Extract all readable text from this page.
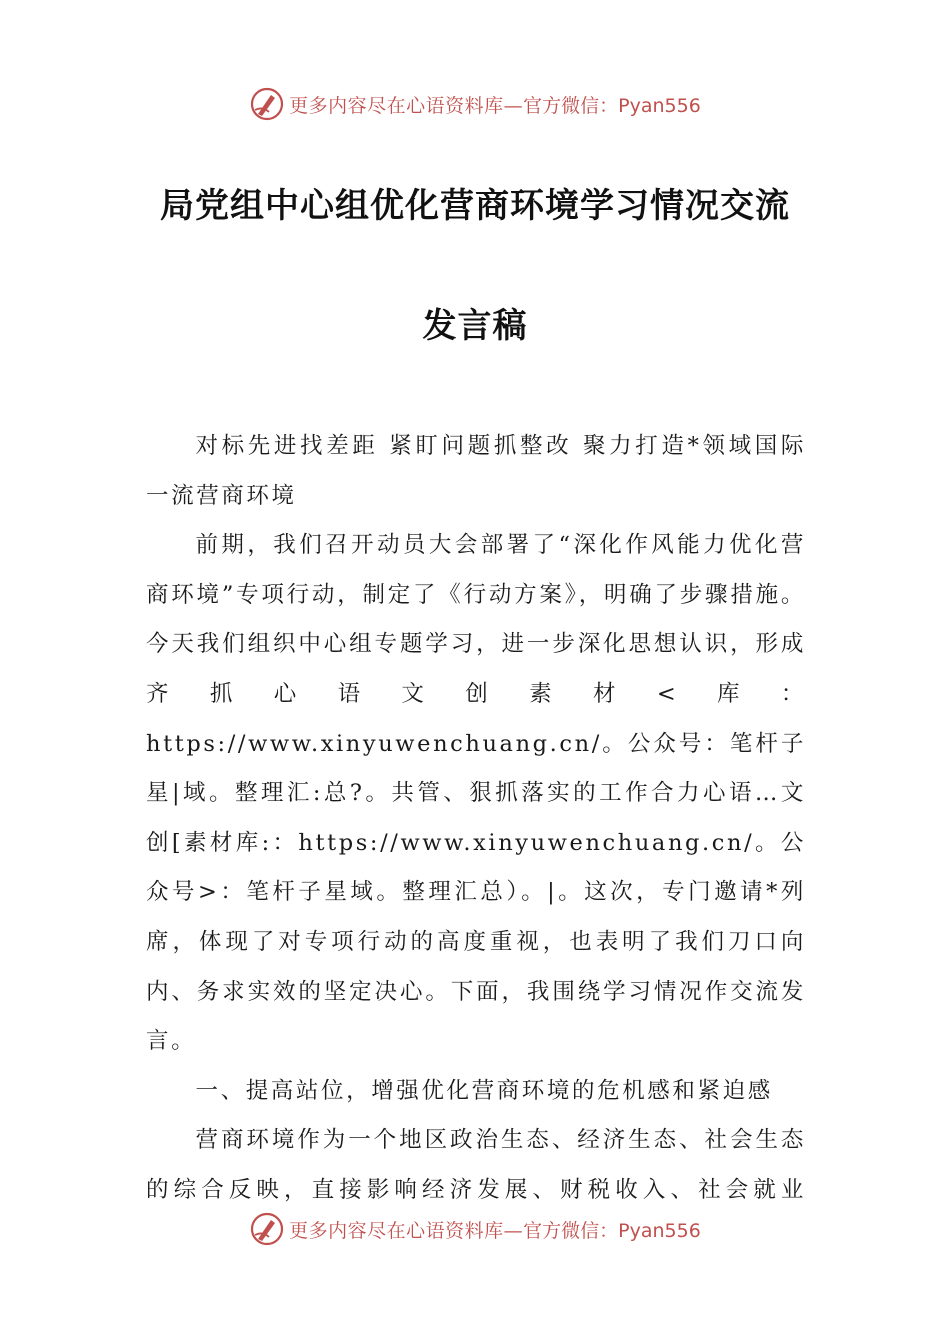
更多内容尽在心语资料库— 官方微信：Pyan556
局党组中心组优化营商环境学习情况交流
发言稿

对标先进找差距 紧盯问题抓整改 聚力打造*领域国际一流营商环境

前期，我们召开动员大会部署了“深化作风能力优化营商环境”专项行动，制定了《行动方案》，明确了步骤措施。今天我们组织中心组专题学习，进一步深化思想认识，形成齐抓心语文创素材<库：https://www.xinyuwenchuang.cn/。公众号：笔杆子星|域。整理汇:总?。共管、狠抓落实的工作合力心语…文创[素材库:：https://www.xinyuwenchuang.cn/。公众号>：笔杆子星域。整理汇总）。|。这次，专门邀请*列席，体现了对专项行动的高度重视，也表明了我们刀口向内、务求实效的坚定决心。下面，我围绕学习情况作交流发言。

一、提高站位，增强优化营商环境的危机感和紧迫感

营商环境作为一个地区政治生态、经济生态、社会生态的综合反映，直接影响经济发展、财税收入、社会就业

更多内容尽在心语资料库— 官方微信：Pyan556
